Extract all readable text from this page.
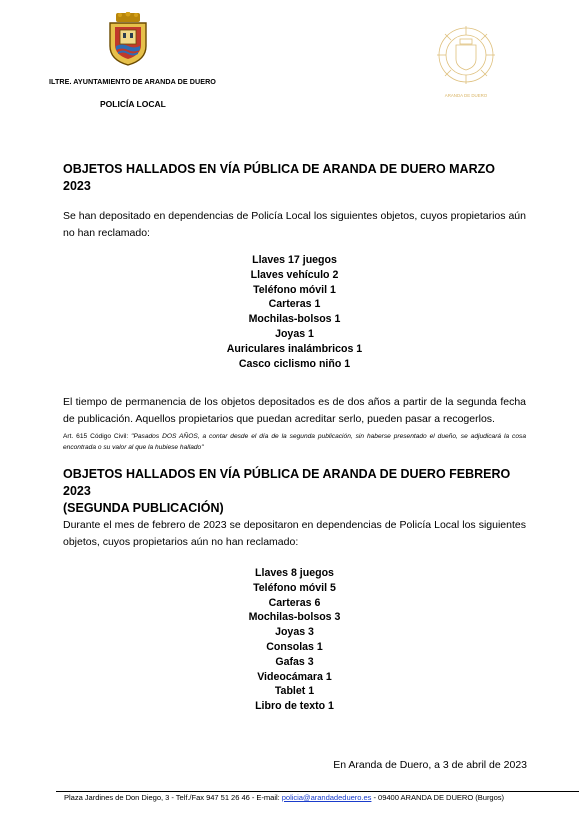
ARANDA DE DUERO
ILTRE. AYUNTAMIENTO DE ARANDA DE DUERO
POLICÍA LOCAL
OBJETOS HALLADOS EN VÍA PÚBLICA DE ARANDA DE DUERO MARZO 2023

Se han depositado en dependencias de Policía Local los siguientes objetos, cuyos propietarios aún no han reclamado:

Llaves 17 juegos
Llaves vehículo 2
Teléfono móvil 1
Carteras 1
Mochilas-bolsos 1
Joyas 1
Auriculares inalámbricos 1
Casco ciclismo niño 1

El tiempo de permanencia de los objetos depositados es de dos años a partir de la segunda fecha de publicación. Aquellos propietarios que puedan acreditar serlo, pueden pasar a recogerlos.

Art. 615 Código Civil: "Pasados DOS AÑOS, a contar desde el día de la segunda publicación, sin haberse presentado el dueño, se adjudicará la cosa encontrada o su valor al que la hubiese hallado"
OBJETOS HALLADOS EN VÍA PÚBLICA DE ARANDA DE DUERO FEBRERO 2023
(SEGUNDA PUBLICACIÓN)

Durante el mes de febrero de 2023 se depositaron en dependencias de Policía Local los siguientes objetos, cuyos propietarios aún no han reclamado:

Llaves 8 juegos
Teléfono móvil 5
Carteras 6
Mochilas-bolsos 3
Joyas 3
Consolas 1
Gafas 3
Videocámara 1
Tablet 1
Libro de texto 1
En Aranda de Duero, a 3 de abril de 2023
Plaza Jardines de Don Diego, 3 - Telf./Fax 947 51 26 46 - E-mail: policia@arandadeduero.es - 09400 ARANDA DE DUERO (Burgos)
